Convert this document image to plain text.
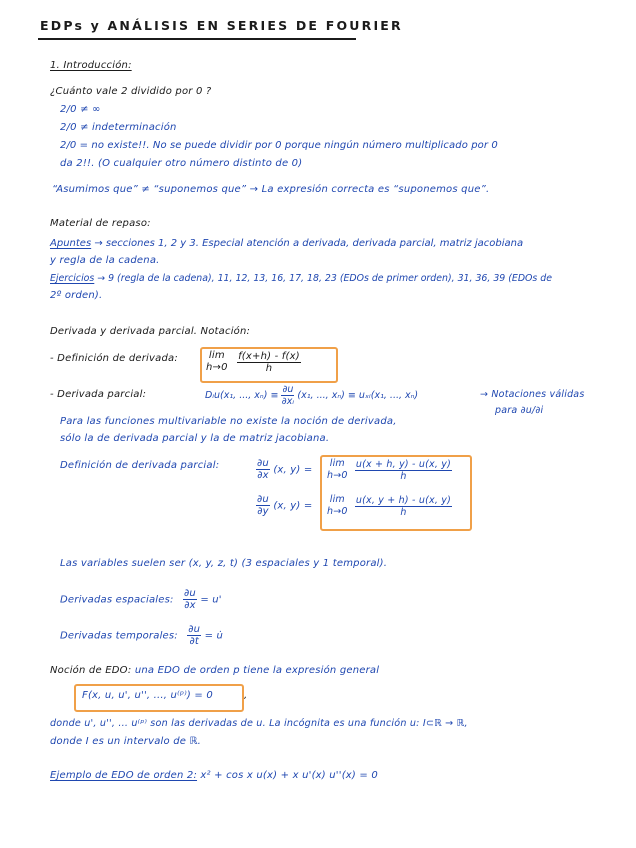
EDPs y ANÁLISIS EN SERIES DE FOURIER
1. Introducción:
¿Cuánto vale 2 dividido por 0 ?
2/0 ≠ ∞
2/0 ≠ indeterminación
2/0 = no existe!!. No se puede dividir por 0 porque ningún número multiplicado por 0
da 2!!. (O cualquier otro número distinto de 0)
“Asumimos que” ≠ “suponemos que” → La expresión correcta es “suponemos que”.
Material de repaso:
Apuntes → secciones 1, 2 y 3. Especial atención a derivada, derivada parcial, matriz jacobiana
y regla de la cadena.
Ejercicios → 9 (regla de la cadena), 11, 12, 13, 16, 17, 18, 23 (EDOs de primer orden), 31, 36, 39 (EDOs de
2º orden).
Derivada y derivada parcial. Notación:
- Definición de derivada:	lim
h→0
$\frac{f(x+h) - f(x)}{h}$
- Derivada parcial:	Dᵢu(x₁, ..., $x_n) \equiv \frac{\partial u}{\text{∂xᵢ}} (x_1$, ..., xₙ) ≡ uₓᵢ(x₁, ..., xₙ)	→ Notaciones válidas
para ∂u/∂i
Para las funciones multivariable no existe la noción de derivada,
sólo la de derivada parcial y la de matriz jacobiana.
Definición de derivada parcial:	$\frac{\partial u}{\partial x} (x$, y) =
$\frac{\partial u}{\partial y} (x$, y) =
lim
h→0
$\frac{u(x + h, y) - u(x, y)}{h}$
lim
h→0
$\frac{u(x, y + h) - u(x, y)}{h}$
Las variables suelen ser (x, y, z, t) (3 espaciales y 1 temporal).
Derivadas espaciales: $\frac{\partial u}{\partial x} = u'$
Derivadas temporales: $\frac{\partial u}{\partial t}$ = u̇
Noción de EDO: una EDO de orden p tiene la expresión general
F(x, u, u', u'', ..., u⁽ᵖ⁾) = 0	,
donde u', u'', ... u⁽ᵖ⁾ son las derivadas de u. La incógnita es una función u: I⊂ℝ → ℝ,
donde I es un intervalo de ℝ.
Ejemplo de EDO de orden 2: x² + cos x u(x) + x u'(x) u''(x) = 0
